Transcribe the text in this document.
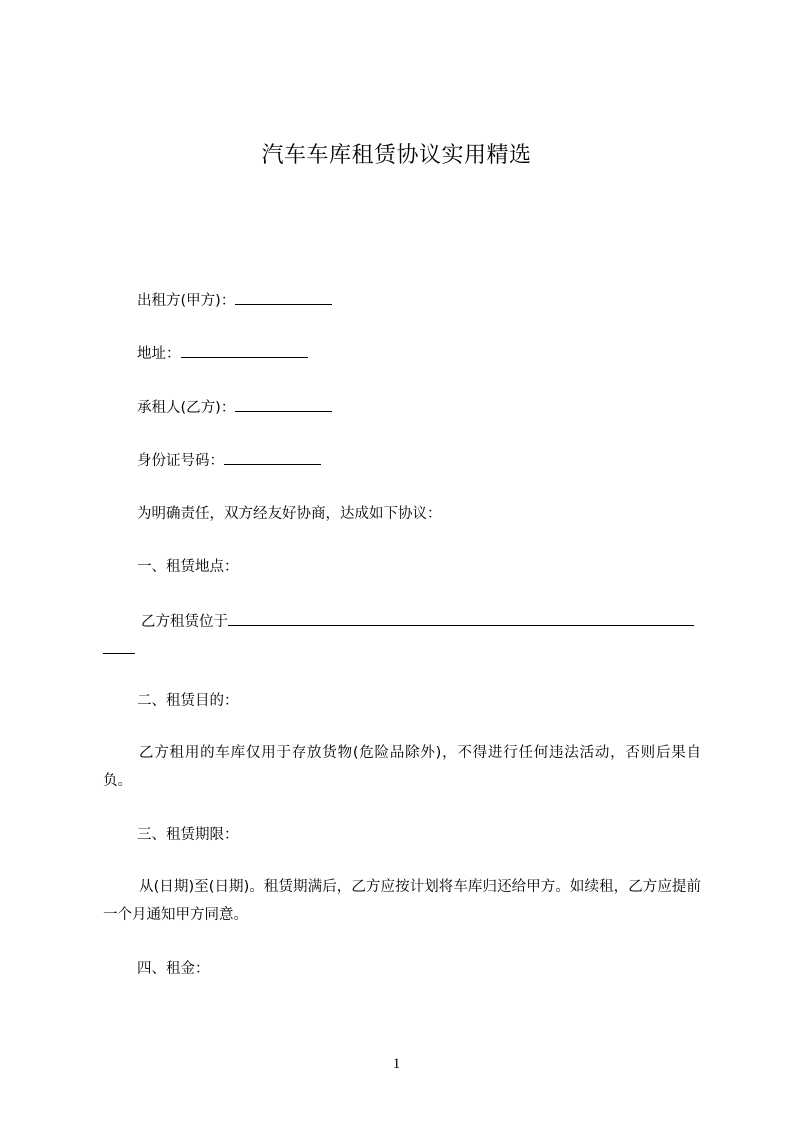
汽车车库租赁协议实用精选
出租方(甲方)：
地址：
承租人(乙方)：
身份证号码：
为明确责任，双方经友好协商，达成如下协议：
一、租赁地点：
乙方租赁位于
二、租赁目的：
乙方租用的车库仅用于存放货物(危险品除外)，不得进行任何违法活动，否则后果自负。
三、租赁期限：
从(日期)至(日期)。租赁期满后，乙方应按计划将车库归还给甲方。如续租，乙方应提前一个月通知甲方同意。
四、租金：
1
